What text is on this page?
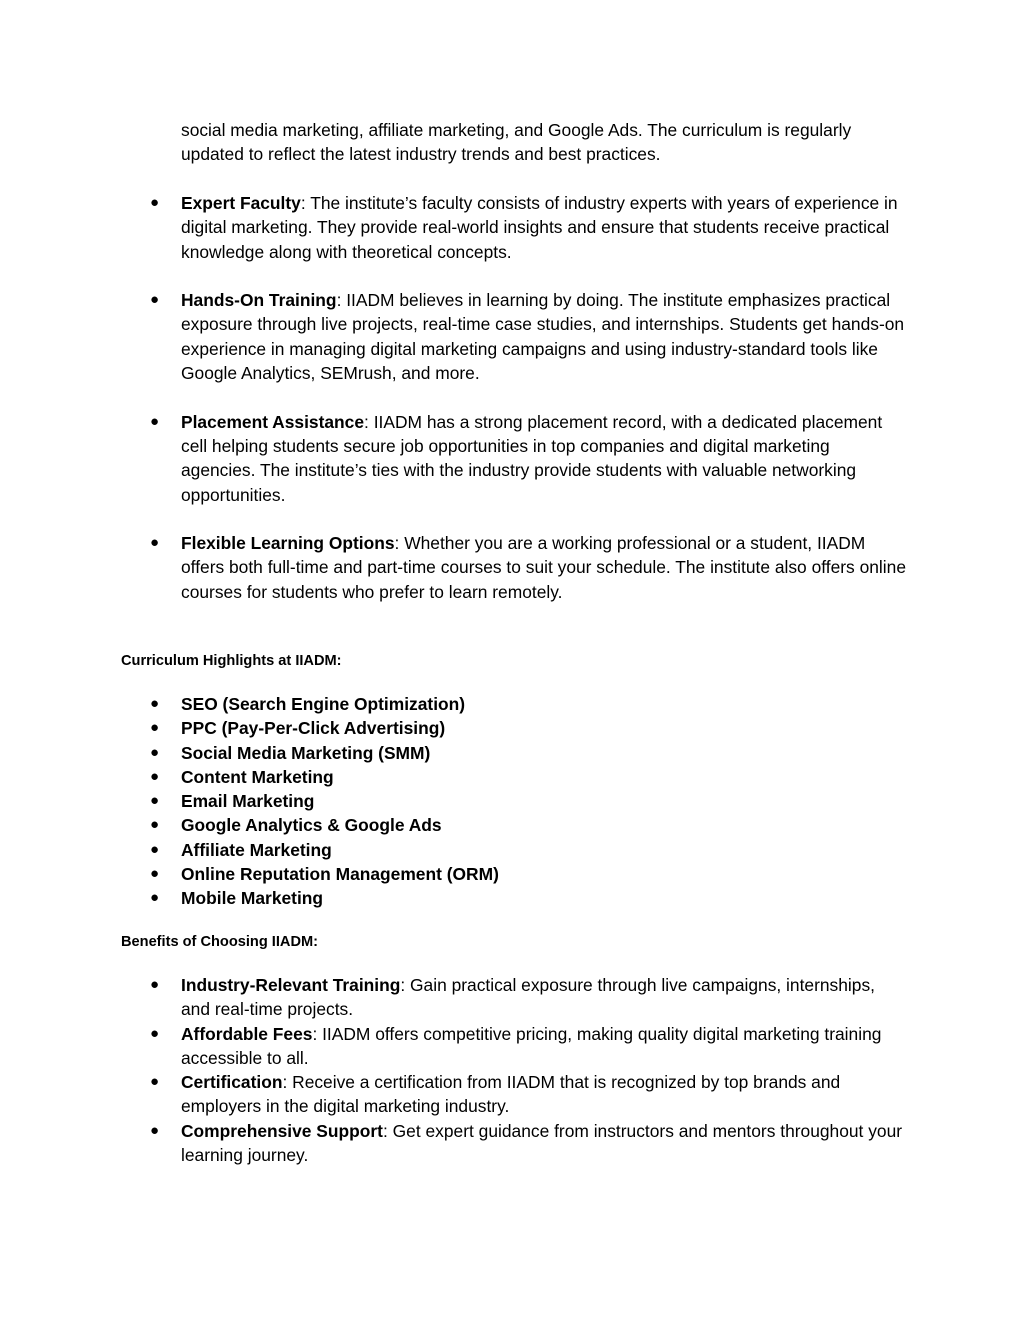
social media marketing, affiliate marketing, and Google Ads. The curriculum is regularly updated to reflect the latest industry trends and best practices.
● Expert Faculty: The institute’s faculty consists of industry experts with years of experience in digital marketing. They provide real-world insights and ensure that students receive practical knowledge along with theoretical concepts.
● Hands-On Training: IIADM believes in learning by doing. The institute emphasizes practical exposure through live projects, real-time case studies, and internships. Students get hands-on experience in managing digital marketing campaigns and using industry-standard tools like Google Analytics, SEMrush, and more.
● Placement Assistance: IIADM has a strong placement record, with a dedicated placement cell helping students secure job opportunities in top companies and digital marketing agencies. The institute’s ties with the industry provide students with valuable networking opportunities.
● Flexible Learning Options: Whether you are a working professional or a student, IIADM offers both full-time and part-time courses to suit your schedule. The institute also offers online courses for students who prefer to learn remotely.
Curriculum Highlights at IIADM:
● SEO (Search Engine Optimization)
● PPC (Pay-Per-Click Advertising)
● Social Media Marketing (SMM)
● Content Marketing
● Email Marketing
● Google Analytics & Google Ads
● Affiliate Marketing
● Online Reputation Management (ORM)
● Mobile Marketing
Benefits of Choosing IIADM:
● Industry-Relevant Training: Gain practical exposure through live campaigns, internships, and real-time projects.
● Affordable Fees: IIADM offers competitive pricing, making quality digital marketing training accessible to all.
● Certification: Receive a certification from IIADM that is recognized by top brands and employers in the digital marketing industry.
● Comprehensive Support: Get expert guidance from instructors and mentors throughout your learning journey.
